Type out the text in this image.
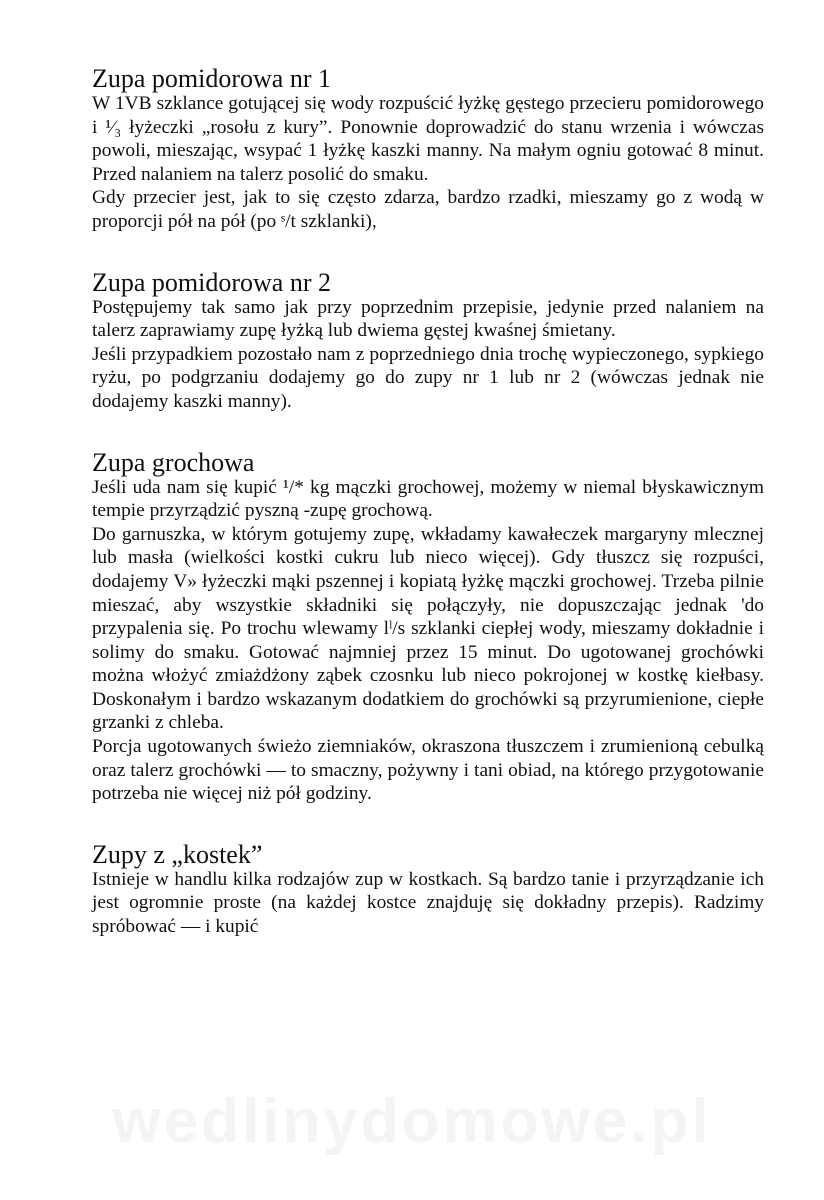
Zupa pomidorowa nr 1

W 1VB szklance gotującej się wody rozpuścić łyżkę gęstego przecieru pomidorowego i ¹⁄₃ łyżeczki „rosołu z kury”. Ponownie doprowadzić do stanu wrzenia i wówczas powoli, mieszając, wsypać 1 łyżkę kaszki manny. Na małym ogniu gotować 8 minut. Przed nalaniem na talerz posolić do smaku.

Gdy przecier jest, jak to się często zdarza, bardzo rzadki, mieszamy go z wodą w proporcji pół na pół (po ˢ/t szklanki),

Zupa pomidorowa nr 2

Postępujemy tak samo jak przy poprzednim przepisie, jedynie przed nalaniem na talerz zaprawiamy zupę łyżką lub dwiema gęstej kwaśnej śmietany.

Jeśli przypadkiem pozostało nam z poprzedniego dnia trochę wypieczonego, sypkiego ryżu, po podgrzaniu dodajemy go do zupy nr 1 lub nr 2 (wówczas jednak nie dodajemy kaszki manny).

Zupa grochowa

Jeśli uda nam się kupić ¹/* kg mączki grochowej, możemy w niemal błyskawicznym tempie przyrządzić pyszną -zupę grochową.

Do garnuszka, w którym gotujemy zupę, wkładamy kawałeczek margaryny mlecznej lub masła (wielkości kostki cukru lub nieco więcej). Gdy tłuszcz się rozpuści, dodajemy V» łyżeczki mąki pszennej i kopiatą łyżkę mączki grochowej. Trzeba pilnie mieszać, aby wszystkie składniki się połączyły, nie dopuszczając jednak 'do przypalenia się. Po trochu wlewamy lˡ/s szklanki ciepłej wody, mieszamy dokładnie i solimy do smaku. Gotować najmniej przez 15 minut. Do ugotowanej grochówki można włożyć zmiażdżony ząbek czosnku lub nieco pokrojonej w kostkę kiełbasy. Doskonałym i bardzo wskazanym dodatkiem do grochówki są przyrumienione, ciepłe grzanki z chleba.

Porcja ugotowanych świeżo ziemniaków, okraszona tłuszczem i zrumienioną cebulką oraz talerz grochówki — to smaczny, pożywny i tani obiad, na którego przygotowanie potrzeba nie więcej niż pół godziny.

Zupy z „kostek”

Istnieje w handlu kilka rodzajów zup w kostkach. Są bardzo tanie i przyrządzanie ich jest ogromnie proste (na każdej kostce znajduję się dokładny przepis). Radzimy spróbować — i kupić

wedlinydomowe.pl
